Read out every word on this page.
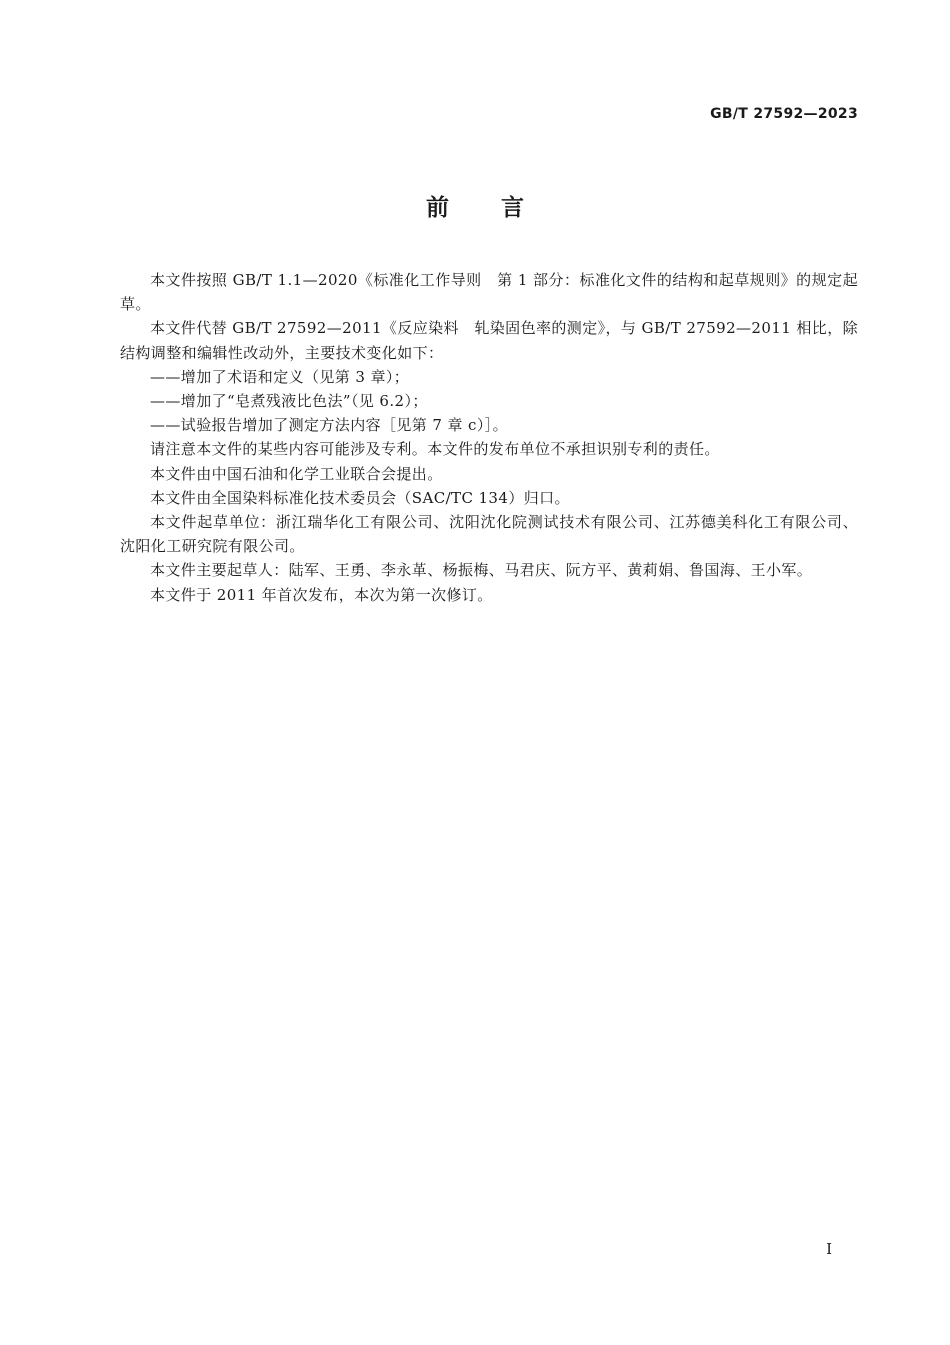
GB/T 27592—2023
前言

本文件按照 GB/T 1.1—2020《标准化工作导则　第 1 部分：标准化文件的结构和起草规则》的规定起草。

本文件代替 GB/T 27592—2011《反应染料　轧染固色率的测定》，与 GB/T 27592—2011 相比，除结构调整和编辑性改动外，主要技术变化如下：

——增加了术语和定义（见第 3 章）；

——增加了“皂煮残液比色法”（见 6.2）；

——试验报告增加了测定方法内容［见第 7 章 c）］。

请注意本文件的某些内容可能涉及专利。本文件的发布单位不承担识别专利的责任。

本文件由中国石油和化学工业联合会提出。

本文件由全国染料标准化技术委员会（SAC/TC 134）归口。

本文件起草单位：浙江瑞华化工有限公司、沈阳沈化院测试技术有限公司、江苏德美科化工有限公司、沈阳化工研究院有限公司。

本文件主要起草人：陆军、王勇、李永革、杨振梅、马君庆、阮方平、黄莉娟、鲁国海、王小军。

本文件于 2011 年首次发布，本次为第一次修订。

Ⅰ
